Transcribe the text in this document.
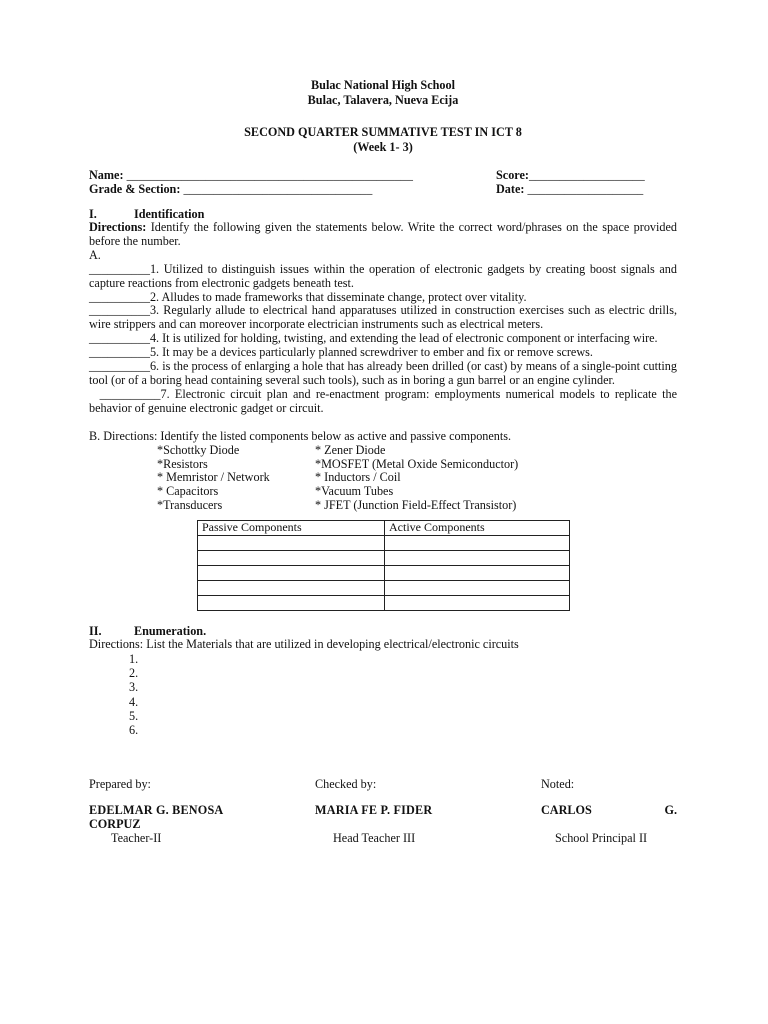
Bulac National High School
Bulac, Talavera, Nueva Ecija
SECOND QUARTER SUMMATIVE TEST IN ICT 8
(Week 1- 3)
Name: _______________________________________________	Score:___________________
Grade & Section: _______________________________	Date: ___________________
I.	Identification

Directions: Identify the following given the statements below. Write the correct word/phrases on the space provided before the number.

A.

__________1. Utilized to distinguish issues within the operation of electronic gadgets by creating boost signals and capture reactions from electronic gadgets beneath test.

__________2. Alludes to made frameworks that disseminate change, protect over vitality.

__________3. Regularly allude to electrical hand apparatuses utilized in construction exercises such as electric drills, wire strippers and can moreover incorporate electrician instruments such as electrical meters.

__________4. It is utilized for holding, twisting, and extending the lead of electronic component or interfacing wire.

__________5. It may be a devices particularly planned screwdriver to ember and fix or remove screws.

__________6. is the process of enlarging a hole that has already been drilled (or cast) by means of a single-point cutting tool (or of a boring head containing several such tools), such as in boring a gun barrel or an engine cylinder.

__________7. Electronic circuit plan and re-enactment program: employments numerical models to replicate the behavior of genuine electronic gadget or circuit.

B. Directions: Identify the listed components below as active and passive components.

*Schottky Diode	* Zener Diode
*Resistors	*MOSFET (Metal Oxide Semiconductor)
* Memristor / Network	* Inductors / Coil
* Capacitors	*Vacuum Tubes
*Transducers	* JFET (Junction Field-Effect Transistor)
Passive Components	Active Components

II.	Enumeration.

Directions: List the Materials that are utilized in developing electrical/electronic circuits

1.
2.
3.
4.
5.
6.
Prepared by:	Checked by:	Noted:
EDELMAR G. BENOSA	MARIA FE P. FIDER	CARLOS	G.
CORPUZ
Teacher-II	Head Teacher III	School Principal II
